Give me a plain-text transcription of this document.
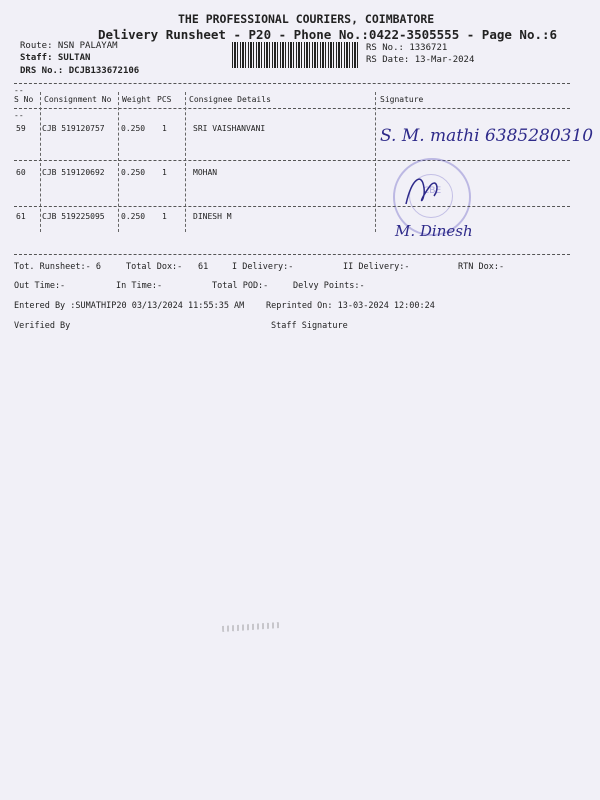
THE PROFESSIONAL COURIERS, COIMBATORE
Delivery Runsheet - P20 - Phone No.:0422-3505555 - Page No.:6
Route: NSN PALAYAM
Staff: SULTAN
DRS No.: DCJB133672106
RS No.: 1336721
RS Date: 13-Mar-2024
--
S No Consignment No Weight PCS Consignee Details	Signature
--
59 CJB 519120757 0.250 1	SRI VAISHANVANI	S. M. mathi 6385280310
60 CJB 519120692 0.250 1	MOHAN
CBE
61 CJB 519225095 0.250 1	DINESH M
M. Dinesh
Tot. Runsheet:- 6	Total Dox:- 61	I Delivery:-	II Delivery:-	RTN Dox:-
Out Time:-	In Time:-	Total POD:-	Delvy Points:-
Entered By :SUMATHIP20 03/13/2024 11:55:35 AM	Reprinted On: 13-03-2024 12:00:24
Verified By	Staff Signature
